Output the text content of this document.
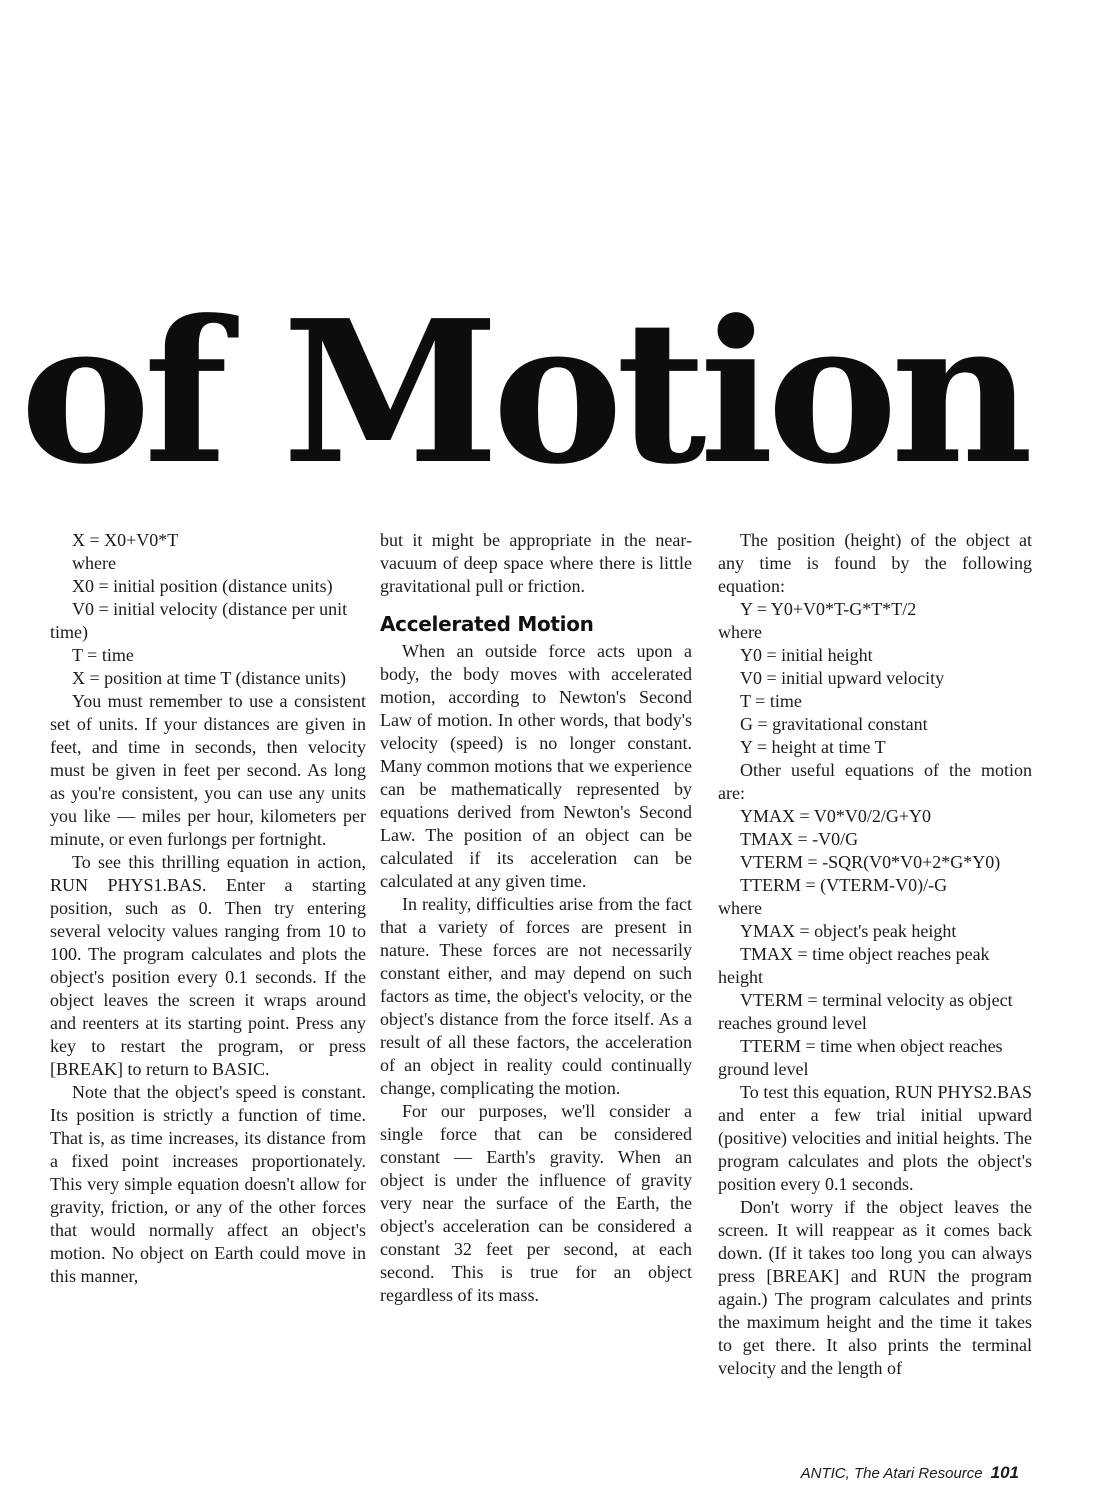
of Motion

X = X0+V0*T

where

X0 = initial position (distance units)

V0 = initial velocity (distance per unit time)

T = time

X = position at time T (distance units)

You must remember to use a consistent set of units. If your distances are given in feet, and time in seconds, then velocity must be given in feet per second. As long as you're consistent, you can use any units you like — miles per hour, kilometers per minute, or even furlongs per fortnight.

To see this thrilling equation in action, RUN PHYS1.BAS. Enter a starting position, such as 0. Then try entering several velocity values ranging from 10 to 100. The program calculates and plots the object's position every 0.1 seconds. If the object leaves the screen it wraps around and reenters at its starting point. Press any key to restart the program, or press [BREAK] to return to BASIC.

Note that the object's speed is constant. Its position is strictly a function of time. That is, as time increases, its distance from a fixed point increases proportionately. This very simple equation doesn't allow for gravity, friction, or any of the other forces that would normally affect an object's motion. No object on Earth could move in this manner,

but it might be appropriate in the near-vacuum of deep space where there is little gravitational pull or friction.

Accelerated Motion

When an outside force acts upon a body, the body moves with accelerated motion, according to Newton's Second Law of motion. In other words, that body's velocity (speed) is no longer constant. Many common motions that we experience can be mathematically represented by equations derived from Newton's Second Law. The position of an object can be calculated if its acceleration can be calculated at any given time.

In reality, difficulties arise from the fact that a variety of forces are present in nature. These forces are not necessarily constant either, and may depend on such factors as time, the object's velocity, or the object's distance from the force itself. As a result of all these factors, the acceleration of an object in reality could continually change, complicating the motion.

For our purposes, we'll consider a single force that can be considered constant — Earth's gravity. When an object is under the influence of gravity very near the surface of the Earth, the object's acceleration can be considered a constant 32 feet per second, at each second. This is true for an object regardless of its mass.

The position (height) of the object at any time is found by the following equation:

Y = Y0+V0*T-G*T*T/2

where

Y0 = initial height

V0 = initial upward velocity

T = time

G = gravitational constant

Y = height at time T

Other useful equations of the motion are:

YMAX = V0*V0/2/G+Y0

TMAX = -V0/G

VTERM = -SQR(V0*V0+2*G*Y0)

TTERM = (VTERM-V0)/-G

where

YMAX = object's peak height

TMAX = time object reaches peak height

VTERM = terminal velocity as object reaches ground level

TTERM = time when object reaches ground level

To test this equation, RUN PHYS2.BAS and enter a few trial initial upward (positive) velocities and initial heights. The program calculates and plots the object's position every 0.1 seconds.

Don't worry if the object leaves the screen. It will reappear as it comes back down. (If it takes too long you can always press [BREAK] and RUN the program again.) The program calculates and prints the maximum height and the time it takes to get there. It also prints the terminal velocity and the length of

ANTIC, The Atari Resource 101
